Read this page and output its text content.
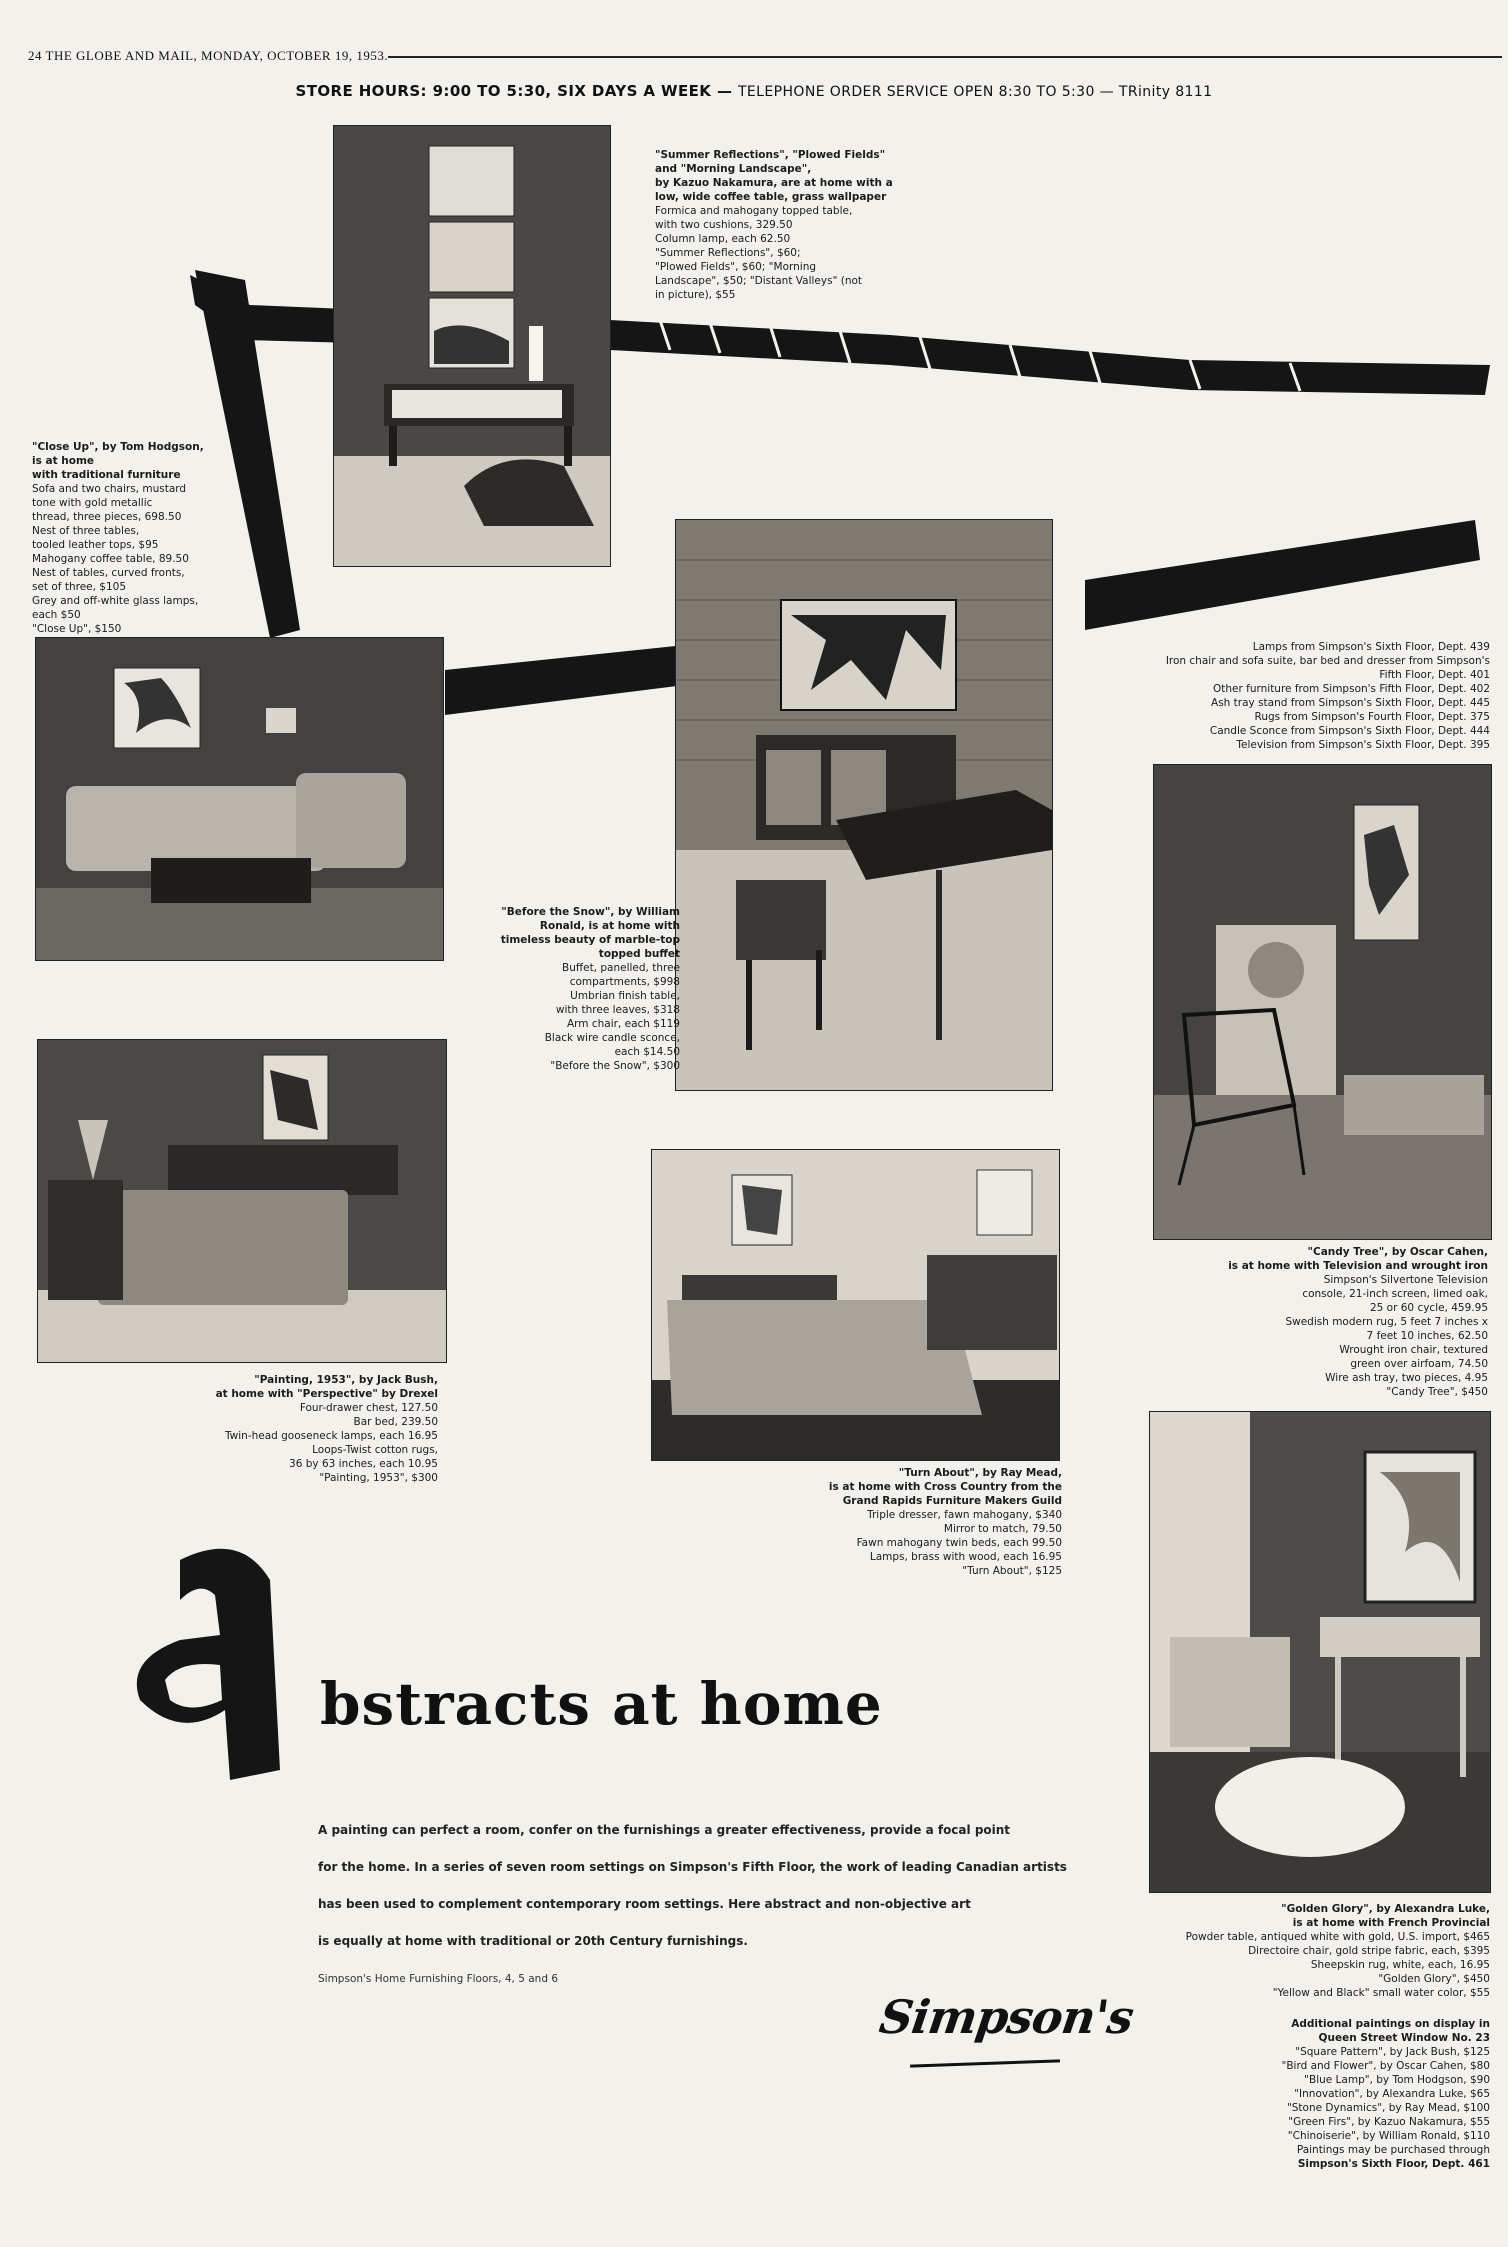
24 THE GLOBE AND MAIL, MONDAY, OCTOBER 19, 1953.
STORE HOURS: 9:00 TO 5:30, SIX DAYS A WEEK — TELEPHONE ORDER SERVICE OPEN 8:30 TO 5:30 — TRinity 8111
"Summer Reflections", "Plowed Fields" and "Morning Landscape",
by Kazuo Nakamura, are at home with a
low, wide coffee table, grass wallpaper
Formica and mahogany topped table,
with two cushions, 329.50
Column lamp, each 62.50
"Summer Reflections", $60;
"Plowed Fields", $60; "Morning
Landscape", $50; "Distant Valleys" (not
in picture), $55
"Close Up", by Tom Hodgson,
is at home
with traditional furniture
Sofa and two chairs, mustard
tone with gold metallic
thread, three pieces, 698.50
Nest of three tables,
tooled leather tops, $95
Mahogany coffee table, 89.50
Nest of tables, curved fronts,
set of three, $105
Grey and off-white glass lamps,
each $50
"Close Up", $150
"Before the Snow", by William
Ronald, is at home with
timeless beauty of marble-top
topped buffet
Buffet, panelled, three
compartments, $998
Umbrian finish table,
with three leaves, $318
Arm chair, each $119
Black wire candle sconce,
each $14.50
"Before the Snow", $300
Lamps from Simpson's Sixth Floor, Dept. 439
Iron chair and sofa suite, bar bed and dresser from Simpson's
Fifth Floor, Dept. 401
Other furniture from Simpson's Fifth Floor, Dept. 402
Ash tray stand from Simpson's Sixth Floor, Dept. 445
Rugs from Simpson's Fourth Floor, Dept. 375
Candle Sconce from Simpson's Sixth Floor, Dept. 444
Television from Simpson's Sixth Floor, Dept. 395
"Candy Tree", by Oscar Cahen,
is at home with Television and wrought iron
Simpson's Silvertone Television
console, 21-inch screen, limed oak,
25 or 60 cycle, 459.95
Swedish modern rug, 5 feet 7 inches x
7 feet 10 inches, 62.50
Wrought iron chair, textured
green over airfoam, 74.50
Wire ash tray, two pieces, 4.95
"Candy Tree", $450
"Painting, 1953", by Jack Bush,
at home with "Perspective" by Drexel
Four-drawer chest, 127.50
Bar bed, 239.50
Twin-head gooseneck lamps, each 16.95
Loops-Twist cotton rugs,
36 by 63 inches, each 10.95
"Painting, 1953", $300	"Turn About", by Ray Mead,
is at home with Cross Country from the
Grand Rapids Furniture Makers Guild
Triple dresser, fawn mahogany, $340
Mirror to match, 79.50
Fawn mahogany twin beds, each 99.50
Lamps, brass with wood, each 16.95
"Turn About", $125
"Golden Glory", by Alexandra Luke,
is at home with French Provincial
Powder table, antiqued white with gold, U.S. import, $465
Directoire chair, gold stripe fabric, each, $395
Sheepskin rug, white, each, 16.95
"Golden Glory", $450
"Yellow and Black" small water color, $55
Additional paintings on display in
Queen Street Window No. 23
"Square Pattern", by Jack Bush, $125
"Bird and Flower", by Oscar Cahen, $80
"Blue Lamp", by Tom Hodgson, $90
"Innovation", by Alexandra Luke, $65
"Stone Dynamics", by Ray Mead, $100
"Green Firs", by Kazuo Nakamura, $55
"Chinoiserie", by William Ronald, $110
Paintings may be purchased through
Simpson's Sixth Floor, Dept. 461
bstracts at home
A painting can perfect a room, confer on the furnishings a greater effectiveness, provide a focal point
for the home. In a series of seven room settings on Simpson's Fifth Floor, the work of leading Canadian artists
has been used to complement contemporary room settings. Here abstract and non-objective art
is equally at home with traditional or 20th Century furnishings.
Simpson's Home Furnishing Floors, 4, 5 and 6
Simpson's
